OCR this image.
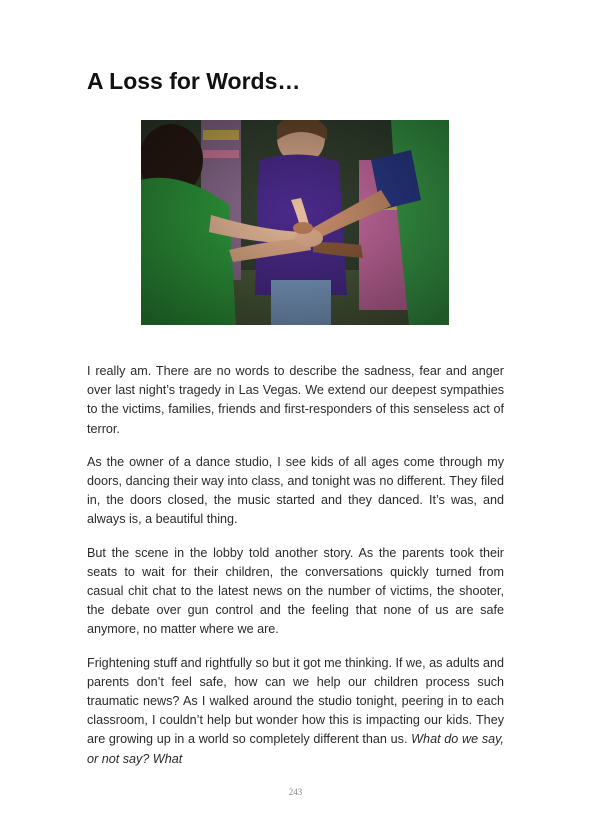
A Loss for Words…

I really am. There are no words to describe the sadness, fear and anger over last night’s tragedy in Las Vegas. We extend our deepest sympathies to the victims, families, friends and first-responders of this senseless act of terror.

As the owner of a dance studio, I see kids of all ages come through my doors, dancing their way into class, and tonight was no different. They filed in, the doors closed, the music started and they danced. It’s was, and always is, a beautiful thing.

But the scene in the lobby told another story. As the parents took their seats to wait for their children, the conversations quickly turned from casual chit chat to the latest news on the number of victims, the shooter, the debate over gun control and the feeling that none of us are safe anymore, no matter where we are.

Frightening stuff and rightfully so but it got me thinking. If we, as adults and parents don’t feel safe, how can we help our children process such traumatic news? As I walked around the studio tonight, peering in to each classroom, I couldn’t help but wonder how this is impacting our kids. They are growing up in a world so completely different than us. What do we say, or not say? What

243
